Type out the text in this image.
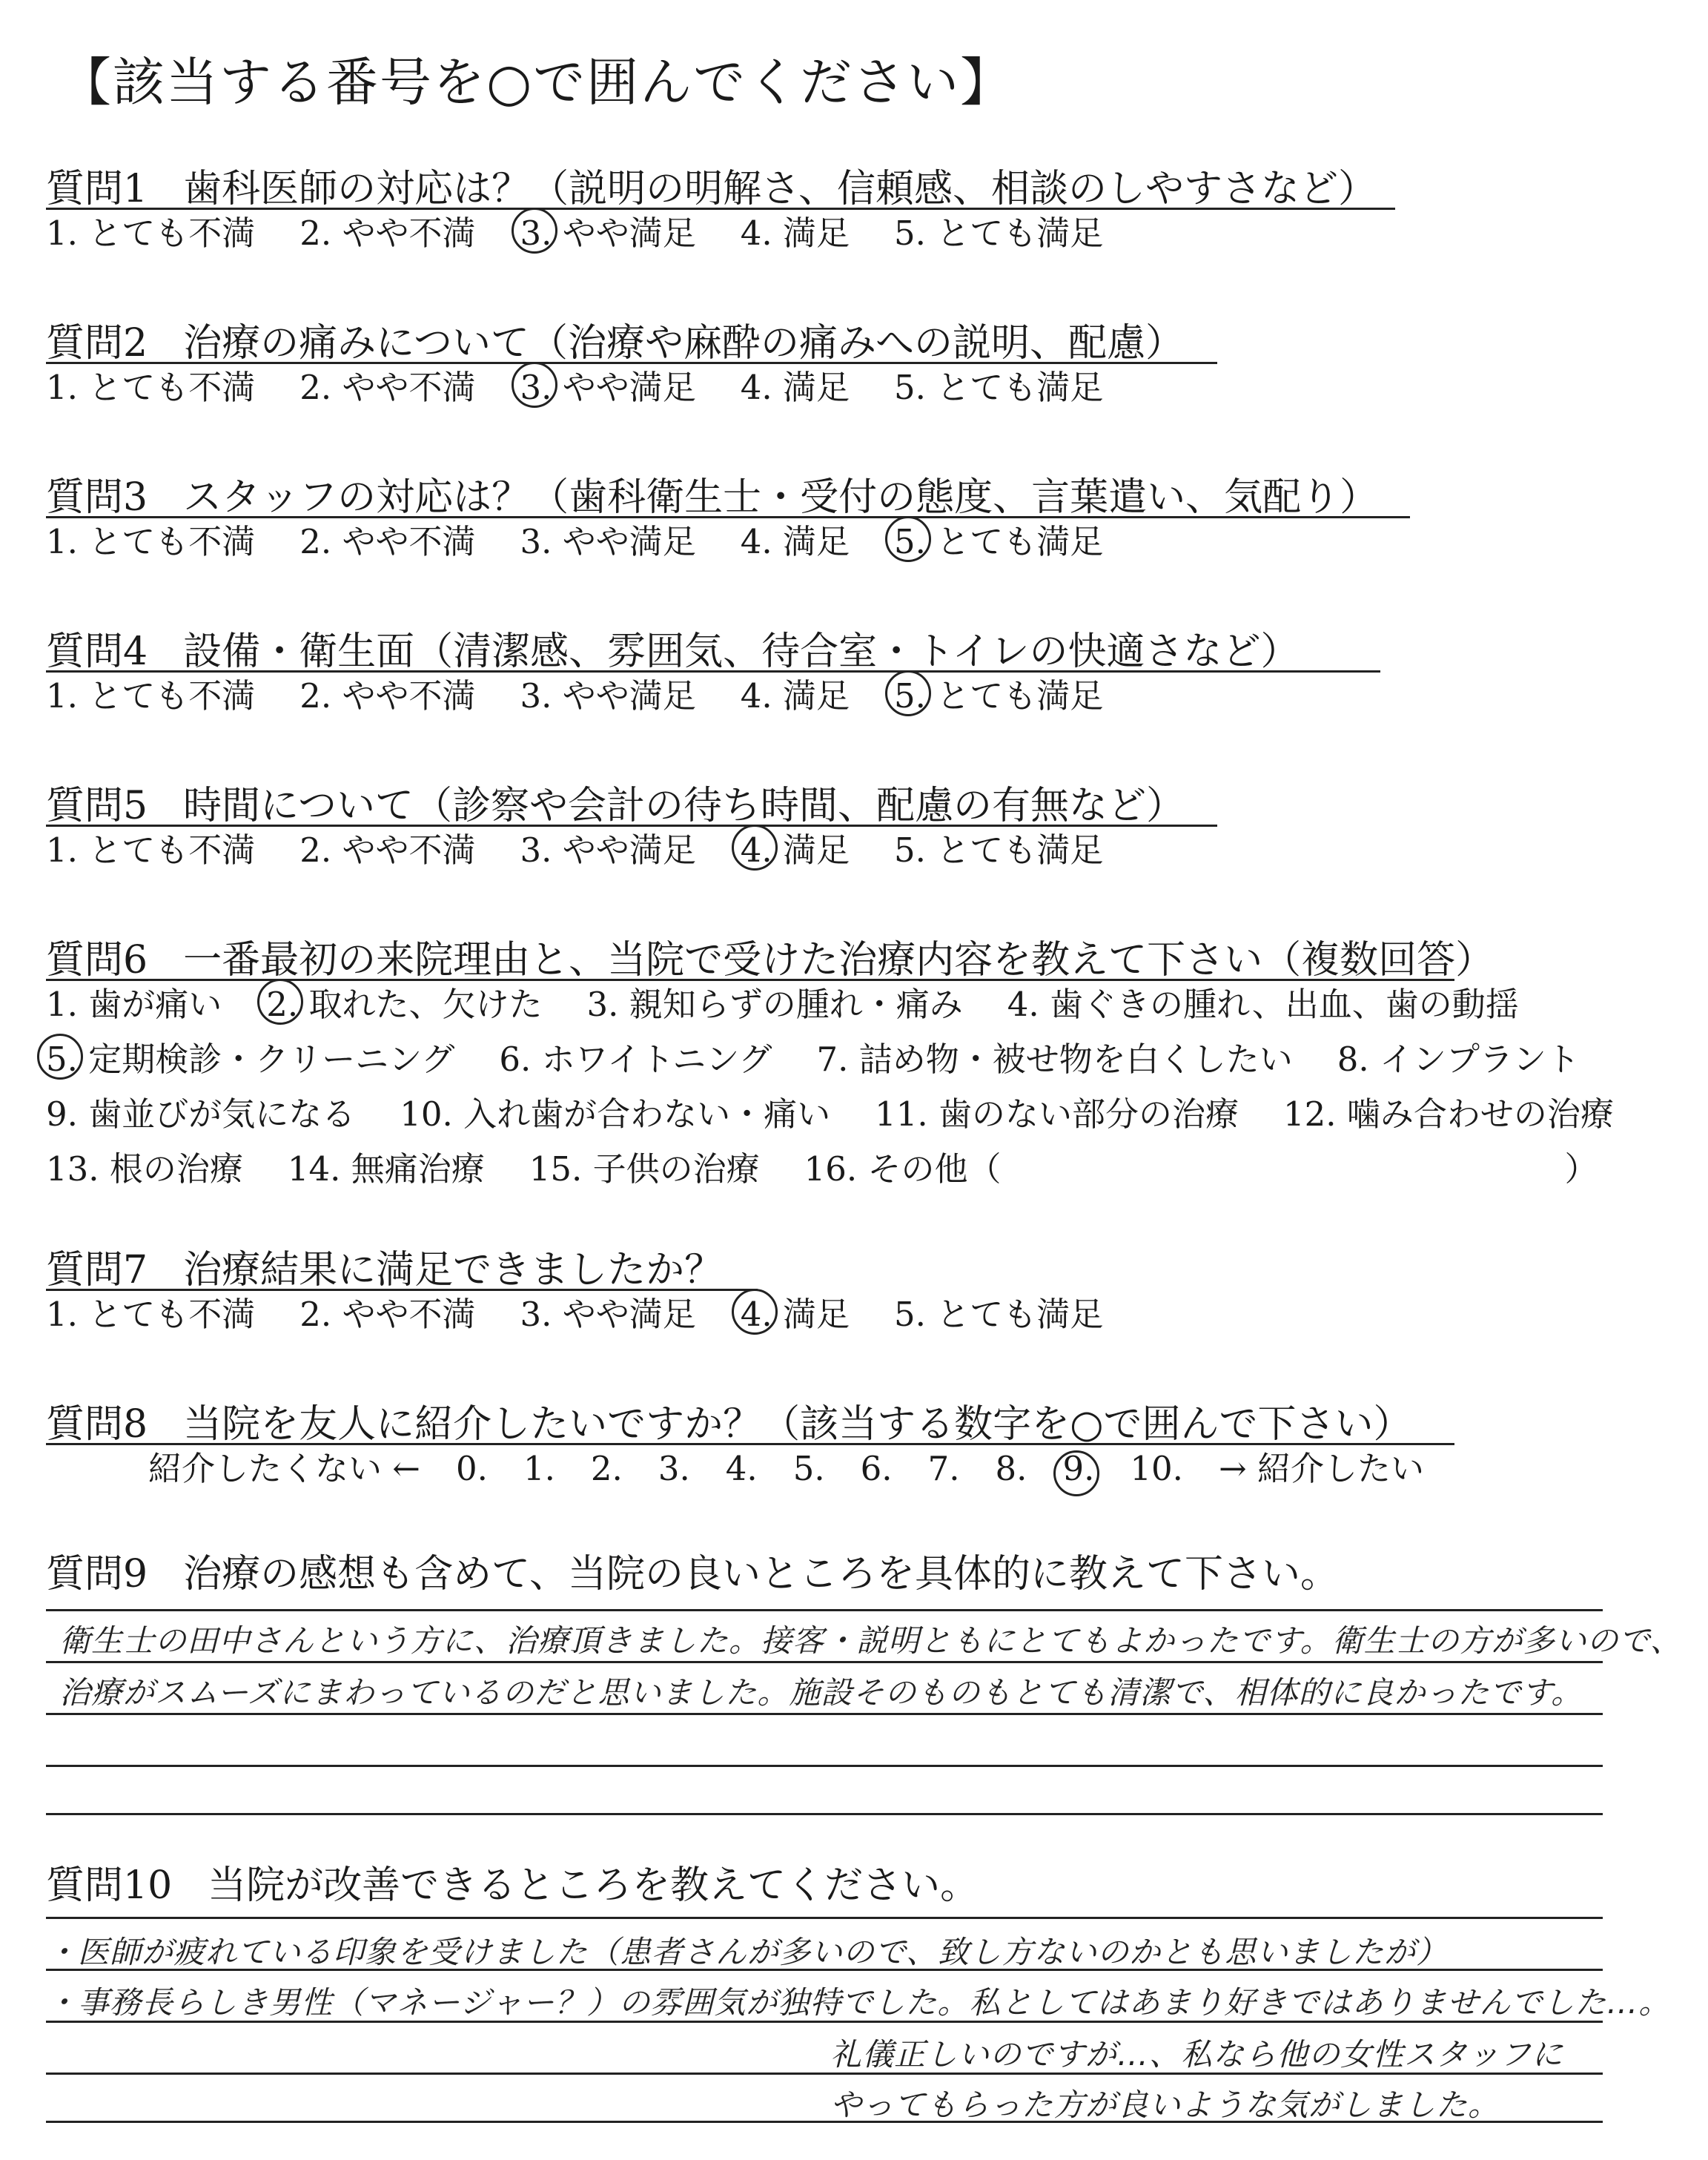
【該当する番号を○で囲んでください】
質問1 歯科医師の対応は？（説明の明解さ、信頼感、相談のしやすさなど）
1. とても不満 2. やや不満 3. やや満足 4. 満足 5. とても満足
質問2 治療の痛みについて（治療や麻酔の痛みへの説明、配慮）
1. とても不満 2. やや不満 3. やや満足 4. 満足 5. とても満足
質問3 スタッフの対応は？（歯科衛生士・受付の態度、言葉遣い、気配り）
1. とても不満 2. やや不満 3. やや満足 4. 満足 5. とても満足
質問4 設備・衛生面（清潔感、雰囲気、待合室・トイレの快適さなど）
1. とても不満 2. やや不満 3. やや満足 4. 満足 5. とても満足
質問5 時間について（診察や会計の待ち時間、配慮の有無など）
1. とても不満 2. やや不満 3. やや満足 4. 満足 5. とても満足
質問6 一番最初の来院理由と、当院で受けた治療内容を教えて下さい（複数回答）
1. 歯が痛い 2. 取れた、欠けた 3. 親知らずの腫れ・痛み 4. 歯ぐきの腫れ、出血、歯の動揺
5. 定期検診・クリーニング 6. ホワイトニング 7. 詰め物・被せ物を白くしたい 8. インプラント
9. 歯並びが気になる 10. 入れ歯が合わない・痛い 11. 歯のない部分の治療 12. 噛み合わせの治療
13. 根の治療 14. 無痛治療 15. 子供の治療 16. その他（	）
質問7 治療結果に満足できましたか？
1. とても不満 2. やや不満 3. やや満足 4. 満足 5. とても満足
質問8 当院を友人に紹介したいですか？（該当する数字を○で囲んで下さい）
紹介したくない ← 0. 1. 2. 3. 4. 5. 6. 7. 8. 9. 10. → 紹介したい
質問9 治療の感想も含めて、当院の良いところを具体的に教えて下さい。
衛生士の田中さんという方に、治療頂きました。接客・説明ともにとてもよかったです。衛生士の方が多いので、
治療がスムーズにまわっているのだと思いました。施設そのものもとても清潔で、相体的に良かったです。
質問10 当院が改善できるところを教えてください。
・医師が疲れている印象を受けました（患者さんが多いので、致し方ないのかとも思いましたが）
・事務長らしき男性（マネージャー？）の雰囲気が独特でした。私としてはあまり好きではありませんでした…。
礼儀正しいのですが…、私なら他の女性スタッフに
やってもらった方が良いような気がしました。
